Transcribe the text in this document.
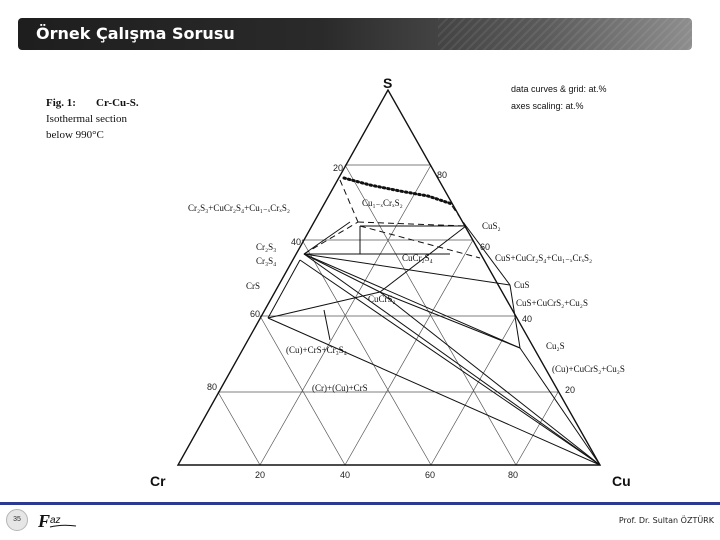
Örnek Çalışma Sorusu
Fig. 1: Cr-Cu-S.
Isothermal section
below 990°C
data curves & grid: at.%
axes scaling: at.%
S
Cr	Cu
20	40	60	80
20
40
60
80
80
60
40
20
Cr₂S₃+CuCr₂S₄+Cu₁₋ₓCrₓS₂	Cu₁₋ₓCrₓS₂
CuS₂
Cr₂S₃
Cr₃S₄	CuCr₂S₄	CuS+CuCr₂S₄+Cu₁₋ₓCrₓS₂
CrS	CuS
CuCrS₂	CuS+CuCrS₂+Cu₂S
(Cu)+CrS+Cr₃S₄	Cu₂S
(Cr)+(Cu)+CrS
(Cu)+CuCrS₂+Cu₂S
35 F az	Prof. Dr. Sultan ÖZTÜRK
